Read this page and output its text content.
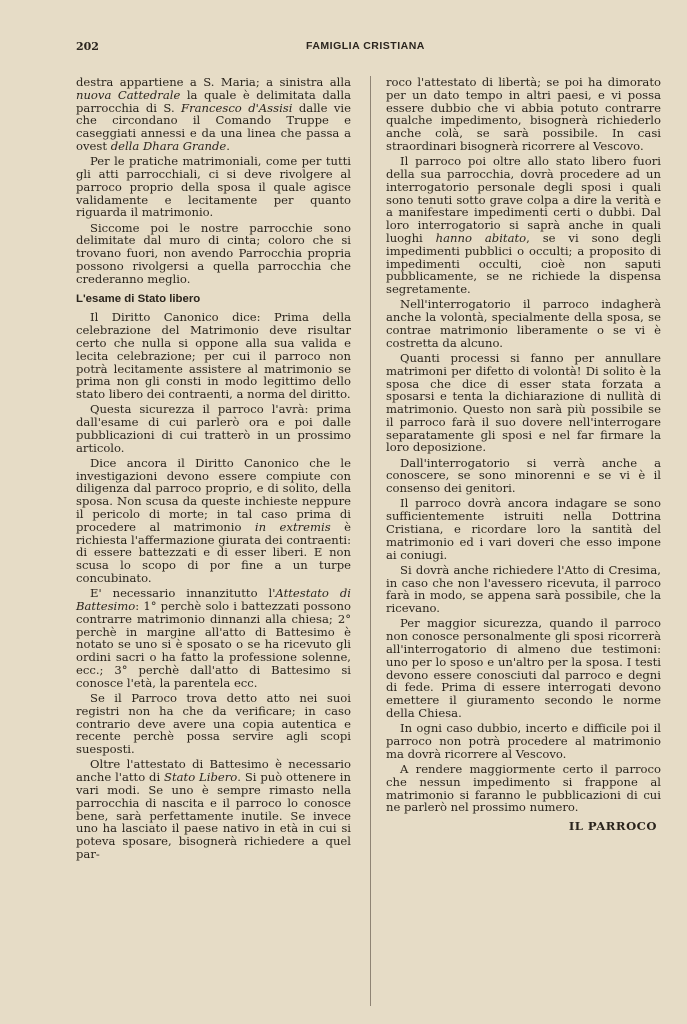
202	FAMIGLIA CRISTIANA

destra appartiene a S. Maria; a sinistra alla nuova Cattedrale la quale è delimitata dalla parrocchia di S. Francesco d'Assisi dalle vie che circondano il Comando Truppe e caseggiati annessi e da una linea che passa a ovest della Dhara Grande.

Per le pratiche matrimoniali, come per tutti gli atti parrocchiali, ci si deve rivolgere al parroco proprio della sposa il quale agisce validamente e lecitamente per quanto riguarda il matrimonio.

Siccome poi le nostre parrocchie sono delimitate dal muro di cinta; coloro che si trovano fuori, non avendo Parrocchia propria possono rivolgersi a quella parrocchia che crederanno meglio.

L'esame di Stato libero

Il Diritto Canonico dice: Prima della celebrazione del Matrimonio deve risultar certo che nulla si oppone alla sua valida e lecita celebrazione; per cui il parroco non potrà lecitamente assistere al matrimonio se prima non gli consti in modo legittimo dello stato libero dei contraenti, a norma del diritto.

Questa sicurezza il parroco l'avrà: prima dall'esame di cui parlerò ora e poi dalle pubblicazioni di cui tratterò in un prossimo articolo.

Dice ancora il Diritto Canonico che le investigazioni devono essere compiute con diligenza dal parroco proprio, e di solito, della sposa. Non scusa da queste inchieste neppure il pericolo di morte; in tal caso prima di procedere al matrimonio in extremis è richiesta l'affermazione giurata dei contraenti: di essere battezzati e di esser liberi. E non scusa lo scopo di por fine a un turpe concubinato.

E' necessario innanzitutto l'Attestato di Battesimo: 1° perchè solo i battezzati possono contrarre matrimonio dinnanzi alla chiesa; 2° perchè in margine all'atto di Battesimo è notato se uno si è sposato o se ha ricevuto gli ordini sacri o ha fatto la professione solenne, ecc.; 3° perchè dall'atto di Battesimo si conosce l'età, la parentela ecc.

Se il Parroco trova detto atto nei suoi registri non ha che da verificare; in caso contrario deve avere una copia autentica e recente perchè possa servire agli scopi suesposti.

Oltre l'attestato di Battesimo è necessario anche l'atto di Stato Libero. Si può ottenere in vari modi. Se uno è sempre rimasto nella parrocchia di nascita e il parroco lo conosce bene, sarà perfettamente inutile. Se invece uno ha lasciato il paese nativo in età in cui si poteva sposare, bisognerà richiedere a quel par-

roco l'attestato di libertà; se poi ha dimorato per un dato tempo in altri paesi, e vi possa essere dubbio che vi abbia potuto contrarre qualche impedimento, bisognerà richiederlo anche colà, se sarà possibile. In casi straordinari bisognerà ricorrere al Vescovo.

Il parroco poi oltre allo stato libero fuori della sua parrocchia, dovrà procedere ad un interrogatorio personale degli sposi i quali sono tenuti sotto grave colpa a dire la verità e a manifestare impedimenti certi o dubbi. Dal loro interrogatorio si saprà anche in quali luoghi hanno abitato, se vi sono degli impedimenti pubblici o occulti; a proposito di impedimenti occulti, cioè non saputi pubblicamente, se ne richiede la dispensa segretamente.

Nell'interrogatorio il parroco indagherà anche la volontà, specialmente della sposa, se contrae matrimonio liberamente o se vi è costretta da alcuno.

Quanti processi si fanno per annullare matrimoni per difetto di volontà! Di solito è la sposa che dice di esser stata forzata a sposarsi e tenta la dichiarazione di nullità di matrimonio. Questo non sarà più possibile se il parroco farà il suo dovere nell'interrogare separatamente gli sposi e nel far firmare la loro deposizione.

Dall'interrogatorio si verrà anche a conoscere, se sono minorenni e se vi è il consenso dei genitori.

Il parroco dovrà ancora indagare se sono sufficientemente istruiti nella Dottrina Cristiana, e ricordare loro la santità del matrimonio ed i vari doveri che esso impone ai coniugi.

Si dovrà anche richiedere l'Atto di Cresima, in caso che non l'avessero ricevuta, il parroco farà in modo, se appena sarà possibile, che la ricevano.

Per maggior sicurezza, quando il parroco non conosce personalmente gli sposi ricorrerà all'interrogatorio di almeno due testimoni: uno per lo sposo e un'altro per la sposa. I testi devono essere conosciuti dal parroco e degni di fede. Prima di essere interrogati devono emettere il giuramento secondo le norme della Chiesa.

In ogni caso dubbio, incerto e difficile poi il parroco non potrà procedere al matrimonio ma dovrà ricorrere al Vescovo.

A rendere maggiormente certo il parroco che nessun impedimento si frappone al matrimonio si faranno le pubblicazioni di cui ne parlerò nel prossimo numero.

IL PARROCO
